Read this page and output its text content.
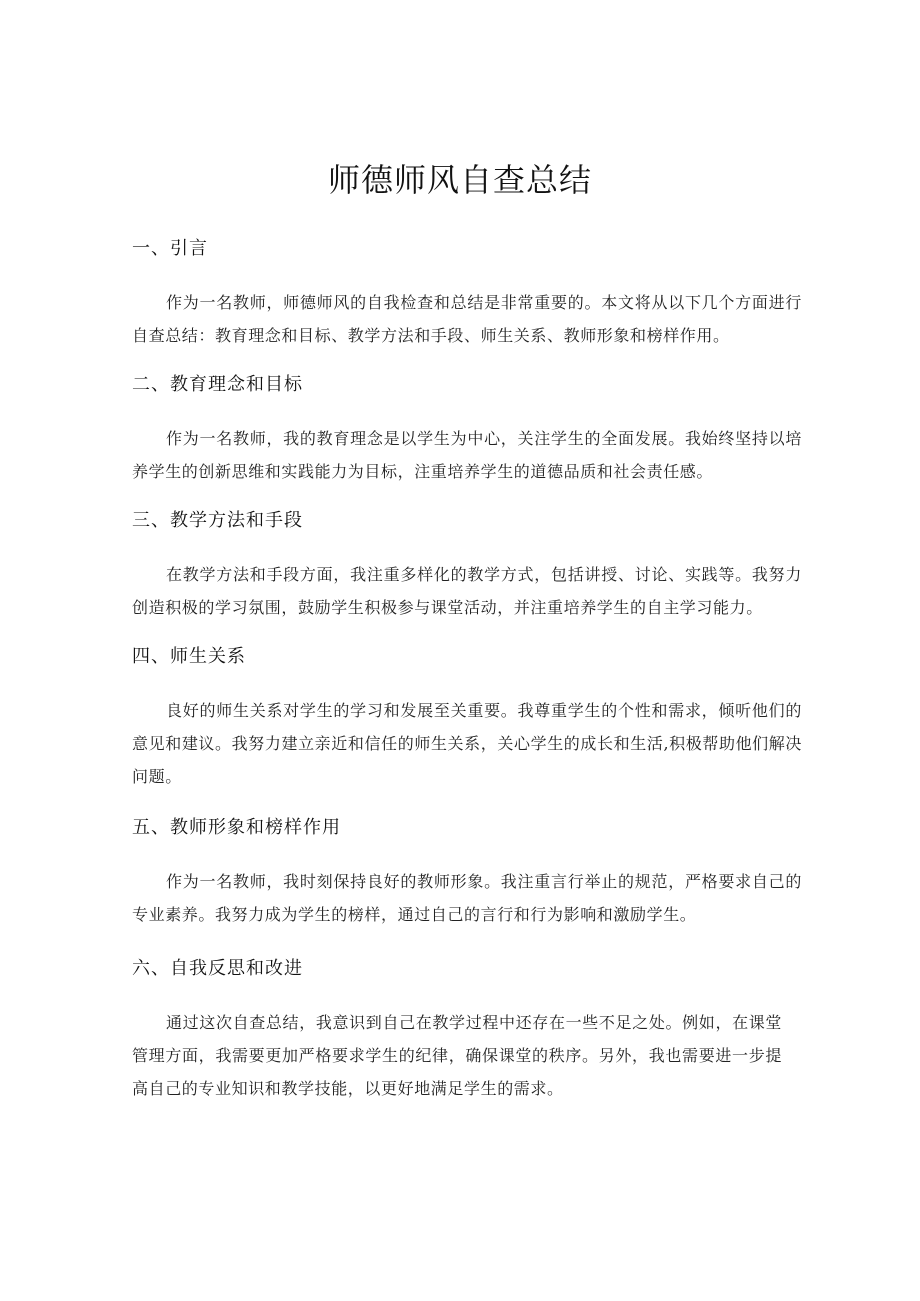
师德师风自查总结
一、引言
作为一名教师，师德师风的自我检查和总结是非常重要的。本文将从以下几个方面进行自查总结：教育理念和目标、教学方法和手段、师生关系、教师形象和榜样作用。
二、教育理念和目标
作为一名教师，我的教育理念是以学生为中心，关注学生的全面发展。我始终坚持以培养学生的创新思维和实践能力为目标，注重培养学生的道德品质和社会责任感。
三、教学方法和手段
在教学方法和手段方面，我注重多样化的教学方式，包括讲授、讨论、实践等。我努力创造积极的学习氛围，鼓励学生积极参与课堂活动，并注重培养学生的自主学习能力。
四、师生关系
良好的师生关系对学生的学习和发展至关重要。我尊重学生的个性和需求，倾听他们的意见和建议。我努力建立亲近和信任的师生关系，关心学生的成长和生活,积极帮助他们解决问题。
五、教师形象和榜样作用
作为一名教师，我时刻保持良好的教师形象。我注重言行举止的规范，严格要求自己的专业素养。我努力成为学生的榜样，通过自己的言行和行为影响和激励学生。
六、自我反思和改进
通过这次自查总结，我意识到自己在教学过程中还存在一些不足之处。例如，在课堂管理方面，我需要更加严格要求学生的纪律，确保课堂的秩序。另外，我也需要进一步提高自己的专业知识和教学技能，以更好地满足学生的需求。
